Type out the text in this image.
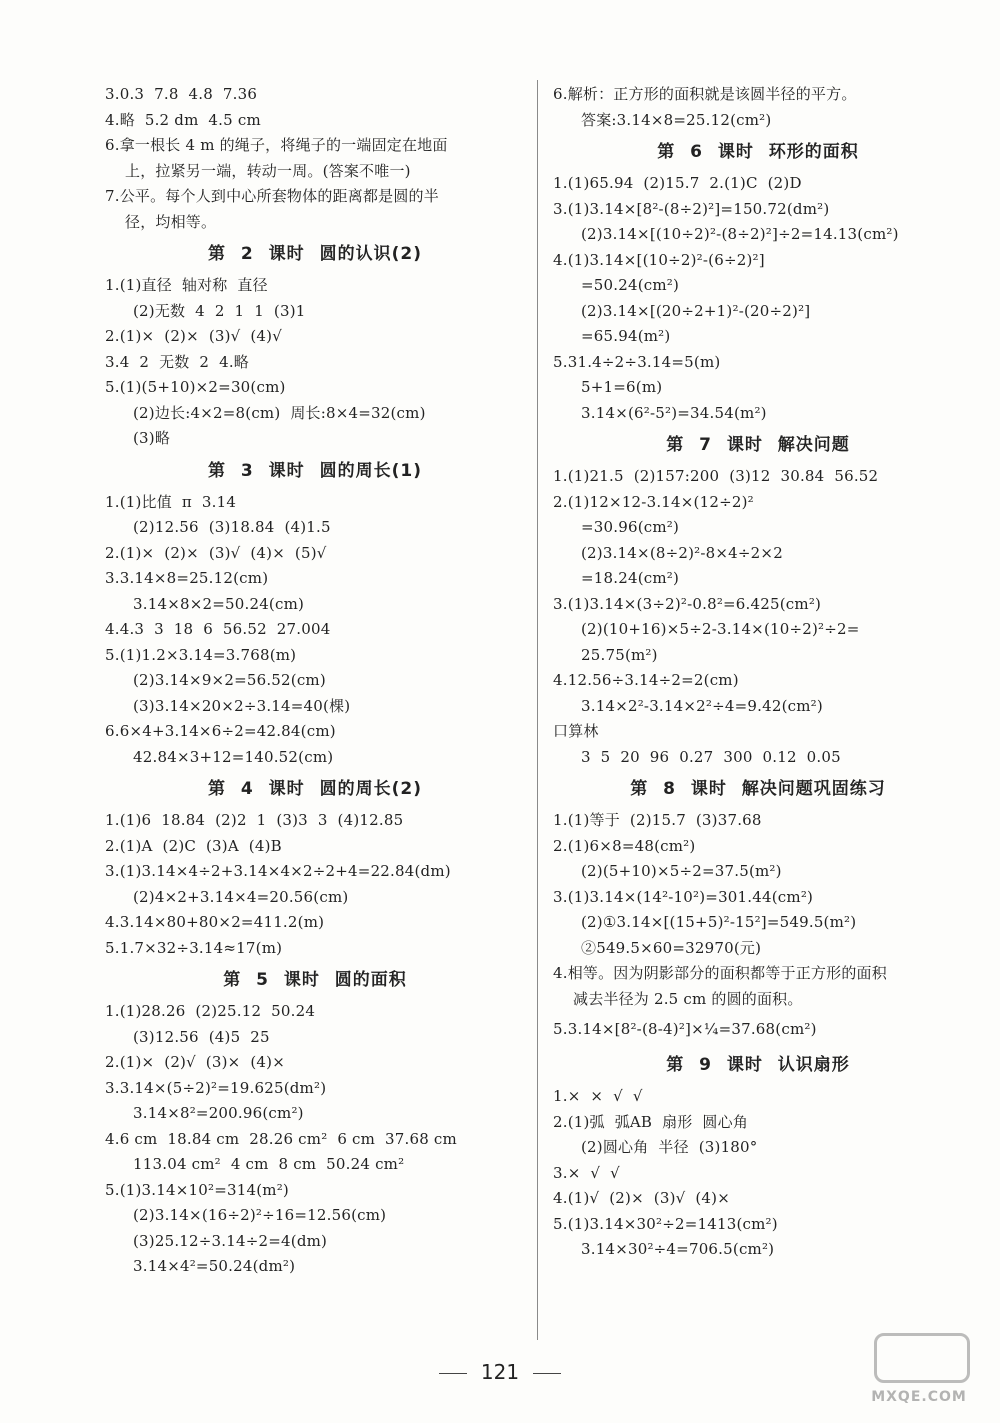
3.0.3  7.8  4.8  7.36
4.略  5.2 dm  4.5 cm
6.拿一根长 4 m 的绳子，将绳子的一端固定在地面
上，拉紧另一端，转动一周。(答案不唯一)
7.公平。每个人到中心所套物体的距离都是圆的半
径，均相等。
第 2 课时 圆的认识(2)
1.(1)直径  轴对称  直径
(2)无数  4  2  1  1  (3)1
2.(1)×  (2)×  (3)√  (4)√
3.4  2  无数  2  4.略
5.(1)(5+10)×2=30(cm)
(2)边长:4×2=8(cm)  周长:8×4=32(cm)
(3)略
第 3 课时 圆的周长(1)
1.(1)比值  π  3.14
(2)12.56  (3)18.84  (4)1.5
2.(1)×  (2)×  (3)√  (4)×  (5)√
3.3.14×8=25.12(cm)
3.14×8×2=50.24(cm)
4.4.3  3  18  6  56.52  27.004
5.(1)1.2×3.14=3.768(m)
(2)3.14×9×2=56.52(cm)
(3)3.14×20×2÷3.14=40(棵)
6.6×4+3.14×6÷2=42.84(cm)
42.84×3+12=140.52(cm)
第 4 课时 圆的周长(2)
1.(1)6  18.84  (2)2  1  (3)3  3  (4)12.85
2.(1)A  (2)C  (3)A  (4)B
3.(1)3.14×4÷2+3.14×4×2÷2+4=22.84(dm)
(2)4×2+3.14×4=20.56(cm)
4.3.14×80+80×2=411.2(m)
5.1.7×32÷3.14≈17(m)
第 5 课时 圆的面积
1.(1)28.26  (2)25.12  50.24
(3)12.56  (4)5  25
2.(1)×  (2)√  (3)×  (4)×
3.3.14×(5÷2)²=19.625(dm²)
3.14×8²=200.96(cm²)
4.6 cm  18.84 cm  28.26 cm²  6 cm  37.68 cm
113.04 cm²  4 cm  8 cm  50.24 cm²
5.(1)3.14×10²=314(m²)
(2)3.14×(16÷2)²÷16=12.56(cm)
(3)25.12÷3.14÷2=4(dm)
3.14×4²=50.24(dm²)
6.解析：正方形的面积就是该圆半径的平方。
答案:3.14×8=25.12(cm²)
第 6 课时 环形的面积
1.(1)65.94  (2)15.7  2.(1)C  (2)D
3.(1)3.14×[8²-(8÷2)²]=150.72(dm²)
(2)3.14×[(10÷2)²-(8÷2)²]÷2=14.13(cm²)
4.(1)3.14×[(10÷2)²-(6÷2)²]
=50.24(cm²)
(2)3.14×[(20÷2+1)²-(20÷2)²]
=65.94(m²)
5.31.4÷2÷3.14=5(m)
5+1=6(m)
3.14×(6²-5²)=34.54(m²)
第 7 课时 解决问题
1.(1)21.5  (2)157:200  (3)12  30.84  56.52
2.(1)12×12-3.14×(12÷2)²
=30.96(cm²)
(2)3.14×(8÷2)²-8×4÷2×2
=18.24(cm²)
3.(1)3.14×(3÷2)²-0.8²=6.425(cm²)
(2)(10+16)×5÷2-3.14×(10÷2)²÷2=
25.75(m²)
4.12.56÷3.14÷2=2(cm)
3.14×2²-3.14×2²÷4=9.42(cm²)
口算林
3  5  20  96  0.27  300  0.12  0.05
第 8 课时 解决问题巩固练习
1.(1)等于  (2)15.7  (3)37.68
2.(1)6×8=48(cm²)
(2)(5+10)×5÷2=37.5(m²)
3.(1)3.14×(14²-10²)=301.44(cm²)
(2)①3.14×[(15+5)²-15²]=549.5(m²)
②549.5×60=32970(元)
4.相等。因为阴影部分的面积都等于正方形的面积
减去半径为 2.5 cm 的圆的面积。
5.3.14×[8²-(8-4)²]×¼=37.68(cm²)
第 9 课时 认识扇形
1.×  ×  √  √
2.(1)弧  弧AB  扇形  圆心角
(2)圆心角  半径  (3)180°
3.×  √  √
4.(1)√  (2)×  (3)√  (4)×
5.(1)3.14×30²÷2=1413(cm²)
3.14×30²÷4=706.5(cm²)
121
MXQE.COM
